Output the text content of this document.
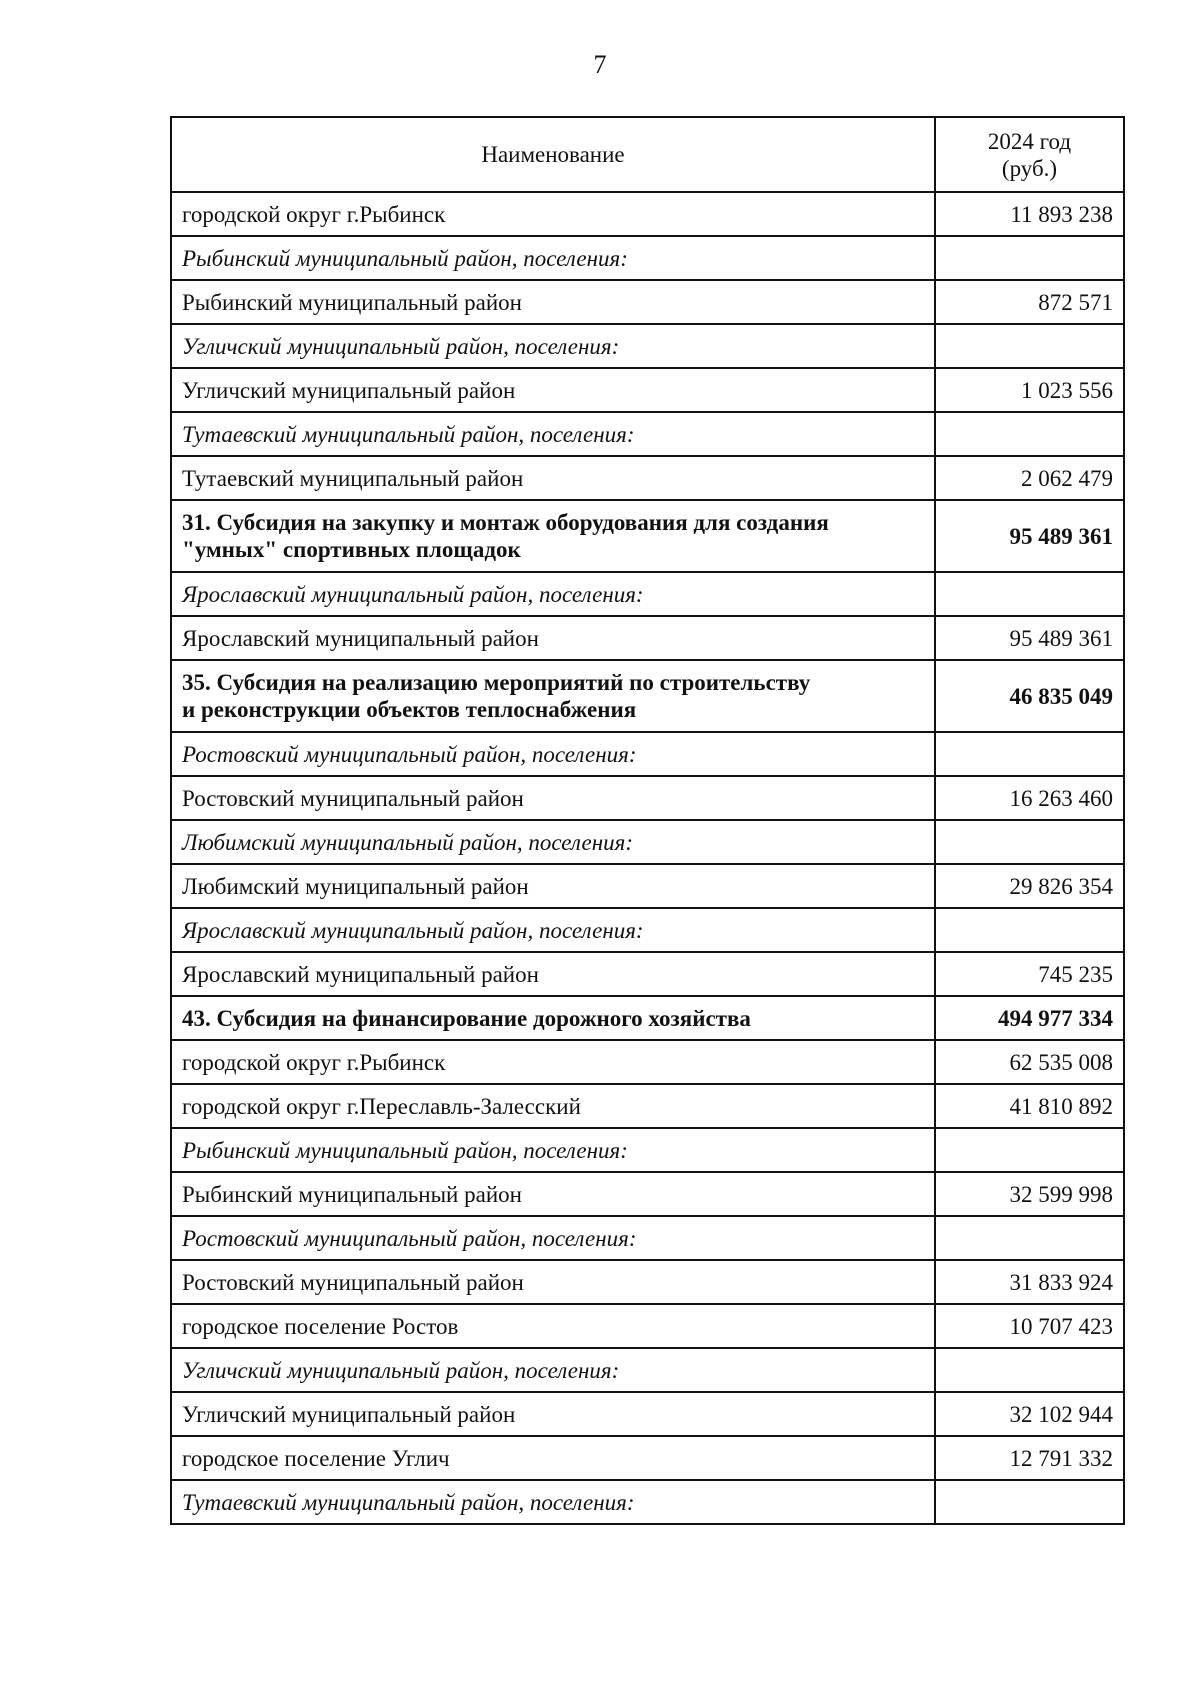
7
Наименование	2024 год
(руб.)
городской округ г.Рыбинск	11 893 238
Рыбинский муниципальный район, поселения:	
Рыбинский муниципальный район	872 571
Угличский муниципальный район, поселения:	
Угличский муниципальный район	1 023 556
Тутаевский муниципальный район, поселения:	
Тутаевский муниципальный район	2 062 479
31. Субсидия на закупку и монтаж оборудования для создания
"умных" спортивных площадок	95 489 361
Ярославский муниципальный район, поселения:	
Ярославский муниципальный район	95 489 361
35. Субсидия на реализацию мероприятий по строительству
и реконструкции объектов теплоснабжения	46 835 049
Ростовский муниципальный район, поселения:	
Ростовский муниципальный район	16 263 460
Любимский муниципальный район, поселения:	
Любимский муниципальный район	29 826 354
Ярославский муниципальный район, поселения:	
Ярославский муниципальный район	745 235
43. Субсидия на финансирование дорожного хозяйства	494 977 334
городской округ г.Рыбинск	62 535 008
городской округ г.Переславль-Залесский	41 810 892
Рыбинский муниципальный район, поселения:	
Рыбинский муниципальный район	32 599 998
Ростовский муниципальный район, поселения:	
Ростовский муниципальный район	31 833 924
городское поселение Ростов	10 707 423
Угличский муниципальный район, поселения:	
Угличский муниципальный район	32 102 944
городское поселение Углич	12 791 332
Тутаевский муниципальный район, поселения:	
